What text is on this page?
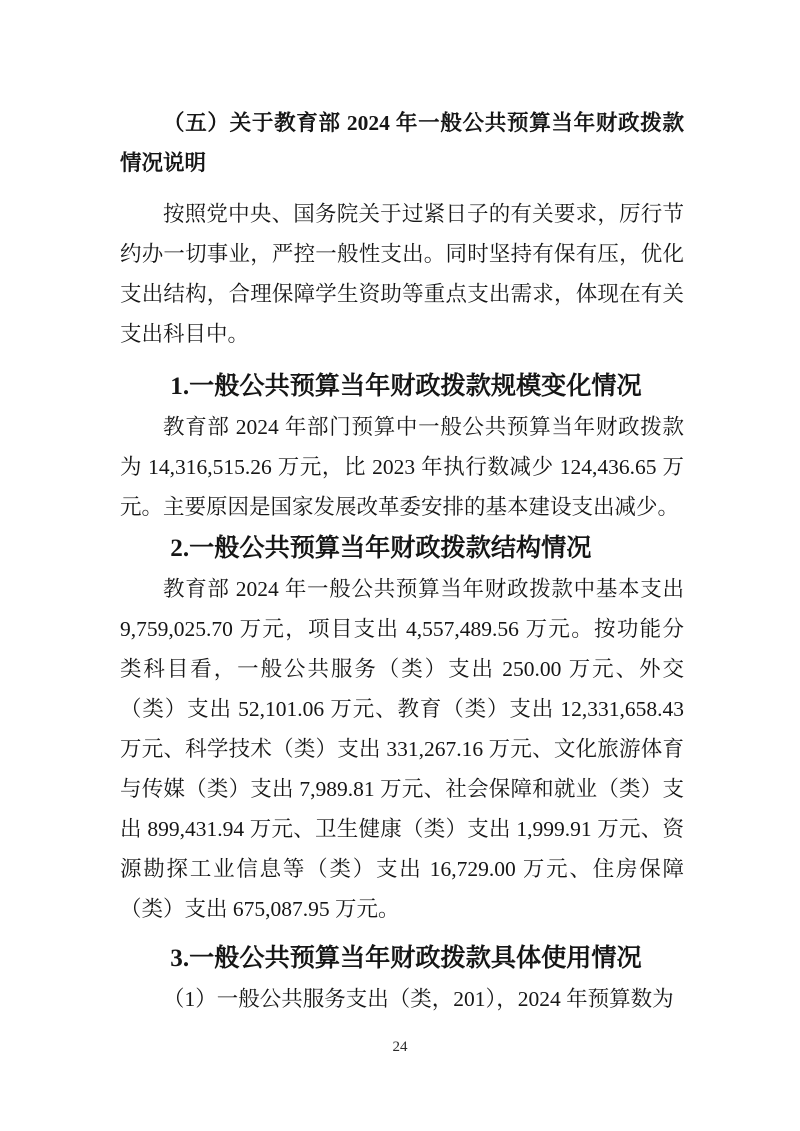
（五）关于教育部 2024 年一般公共预算当年财政拨款情况说明

按照党中央、国务院关于过紧日子的有关要求，厉行节约办一切事业，严控一般性支出。同时坚持有保有压，优化支出结构，合理保障学生资助等重点支出需求，体现在有关支出科目中。

1.一般公共预算当年财政拨款规模变化情况

教育部 2024 年部门预算中一般公共预算当年财政拨款为 14,316,515.26 万元，比 2023 年执行数减少 124,436.65 万元。主要原因是国家发展改革委安排的基本建设支出减少。

2.一般公共预算当年财政拨款结构情况

教育部 2024 年一般公共预算当年财政拨款中基本支出 9,759,025.70 万元，项目支出 4,557,489.56 万元。按功能分类科目看，一般公共服务（类）支出 250.00 万元、外交（类）支出 52,101.06 万元、教育（类）支出 12,331,658.43 万元、科学技术（类）支出 331,267.16 万元、文化旅游体育与传媒（类）支出 7,989.81 万元、社会保障和就业（类）支出 899,431.94 万元、卫生健康（类）支出 1,999.91 万元、资源勘探工业信息等（类）支出 16,729.00 万元、住房保障（类）支出 675,087.95 万元。

3.一般公共预算当年财政拨款具体使用情况

（1）一般公共服务支出（类，201），2024 年预算数为

24
